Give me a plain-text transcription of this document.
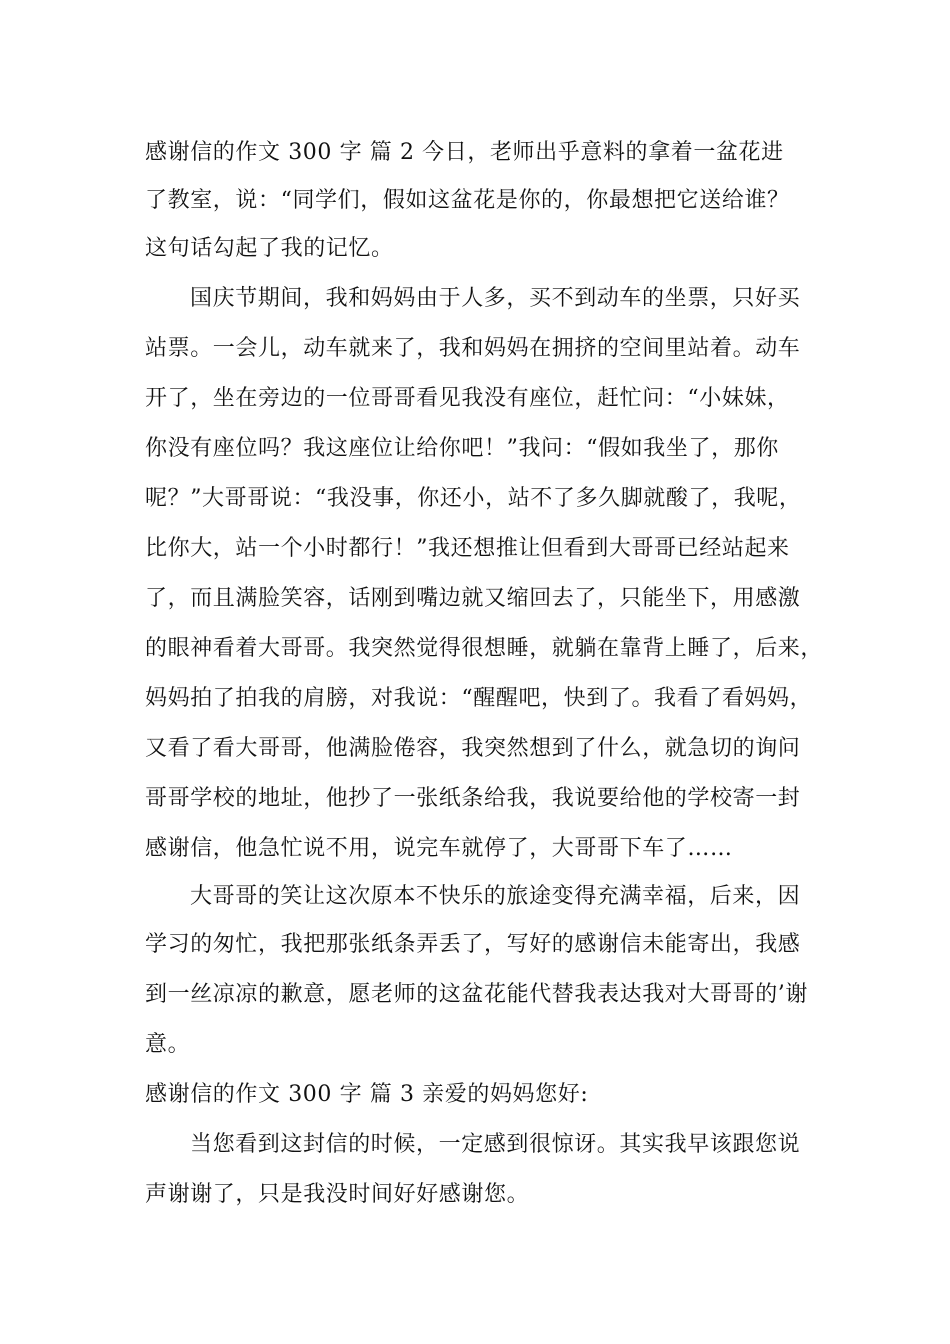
感谢信的作文 300 字 篇 2 今日，老师出乎意料的拿着一盆花进
了教室，说：“同学们，假如这盆花是你的，你最想把它送给谁？
这句话勾起了我的记忆。
国庆节期间，我和妈妈由于人多，买不到动车的坐票，只好买
站票。一会儿，动车就来了，我和妈妈在拥挤的空间里站着。动车
开了，坐在旁边的一位哥哥看见我没有座位，赶忙问：“小妹妹，
你没有座位吗？我这座位让给你吧！”我问：“假如我坐了，那你
呢？”大哥哥说：“我没事，你还小，站不了多久脚就酸了，我呢，
比你大，站一个小时都行！”我还想推让但看到大哥哥已经站起来
了，而且满脸笑容，话刚到嘴边就又缩回去了，只能坐下，用感激
的眼神看着大哥哥。我突然觉得很想睡，就躺在靠背上睡了，后来，
妈妈拍了拍我的肩膀，对我说：“醒醒吧，快到了。我看了看妈妈，
又看了看大哥哥，他满脸倦容，我突然想到了什么，就急切的询问
哥哥学校的地址，他抄了一张纸条给我，我说要给他的学校寄一封
感谢信，他急忙说不用，说完车就停了，大哥哥下车了……
大哥哥的笑让这次原本不快乐的旅途变得充满幸福，后来，因
学习的匆忙，我把那张纸条弄丢了，写好的感谢信未能寄出，我感
到一丝凉凉的歉意，愿老师的这盆花能代替我表达我对大哥哥的’谢
意。
感谢信的作文 300 字 篇 3 亲爱的妈妈您好:
当您看到这封信的时候，一定感到很惊讶。其实我早该跟您说
声谢谢了，只是我没时间好好感谢您。
